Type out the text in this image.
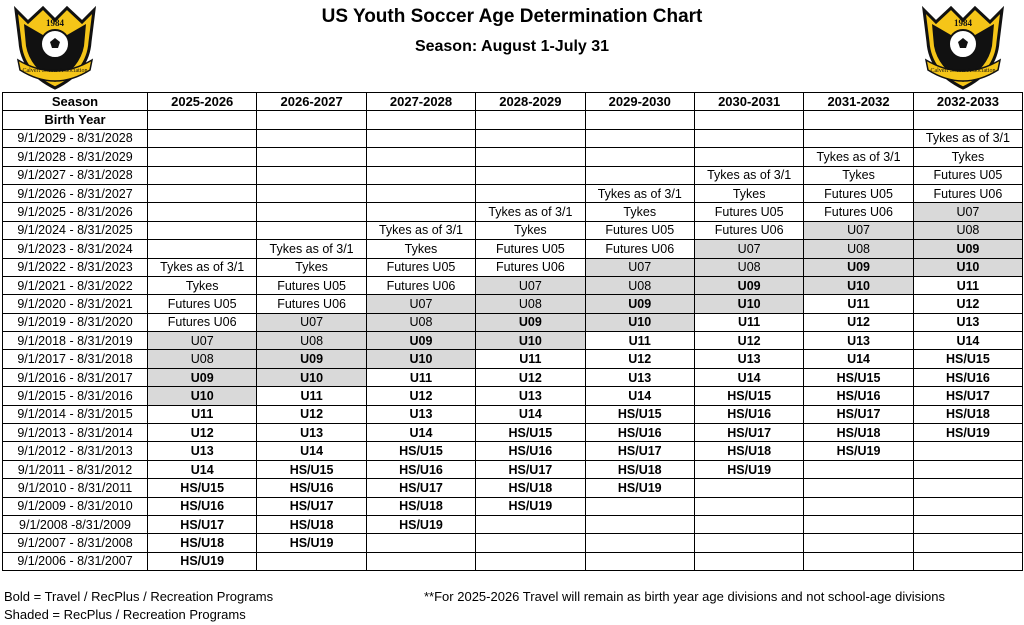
US Youth Soccer Age Determination Chart
Season: August 1-July 31
1984
Calvert Soccer Association
1984
Calvert Soccer Association
Season	2025-2026	2026-2027	2027-2028	2028-2029	2029-2030	2030-2031	2031-2032	2032-2033
Birth Year								
9/1/2029 - 8/31/2028								Tykes as of 3/1
9/1/2028 - 8/31/2029							Tykes as of 3/1	Tykes
9/1/2027 - 8/31/2028						Tykes as of 3/1	Tykes	Futures U05
9/1/2026 - 8/31/2027					Tykes as of 3/1	Tykes	Futures U05	Futures U06
9/1/2025 - 8/31/2026				Tykes as of 3/1	Tykes	Futures U05	Futures U06	U07
9/1/2024 - 8/31/2025			Tykes as of 3/1	Tykes	Futures U05	Futures U06	U07	U08
9/1/2023 - 8/31/2024		Tykes as of 3/1	Tykes	Futures U05	Futures U06	U07	U08	U09
9/1/2022 - 8/31/2023	Tykes as of 3/1	Tykes	Futures U05	Futures U06	U07	U08	U09	U10
9/1/2021 - 8/31/2022	Tykes	Futures U05	Futures U06	U07	U08	U09	U10	U11
9/1/2020 - 8/31/2021	Futures U05	Futures U06	U07	U08	U09	U10	U11	U12
9/1/2019 - 8/31/2020	Futures U06	U07	U08	U09	U10	U11	U12	U13
9/1/2018 - 8/31/2019	U07	U08	U09	U10	U11	U12	U13	U14
9/1/2017 - 8/31/2018	U08	U09	U10	U11	U12	U13	U14	HS/U15
9/1/2016 - 8/31/2017	U09	U10	U11	U12	U13	U14	HS/U15	HS/U16
9/1/2015 - 8/31/2016	U10	U11	U12	U13	U14	HS/U15	HS/U16	HS/U17
9/1/2014 - 8/31/2015	U11	U12	U13	U14	HS/U15	HS/U16	HS/U17	HS/U18
9/1/2013 - 8/31/2014	U12	U13	U14	HS/U15	HS/U16	HS/U17	HS/U18	HS/U19
9/1/2012 - 8/31/2013	U13	U14	HS/U15	HS/U16	HS/U17	HS/U18	HS/U19	
9/1/2011 - 8/31/2012	U14	HS/U15	HS/U16	HS/U17	HS/U18	HS/U19		
9/1/2010 - 8/31/2011	HS/U15	HS/U16	HS/U17	HS/U18	HS/U19			
9/1/2009 - 8/31/2010	HS/U16	HS/U17	HS/U18	HS/U19				
9/1/2008 -8/31/2009	HS/U17	HS/U18	HS/U19					
9/1/2007 - 8/31/2008	HS/U18	HS/U19						
9/1/2006 - 8/31/2007	HS/U19							
Bold = Travel / RecPlus / Recreation Programs
Shaded = RecPlus / Recreation Programs
**For 2025-2026 Travel will remain as birth year age divisions and not school-age divisions
